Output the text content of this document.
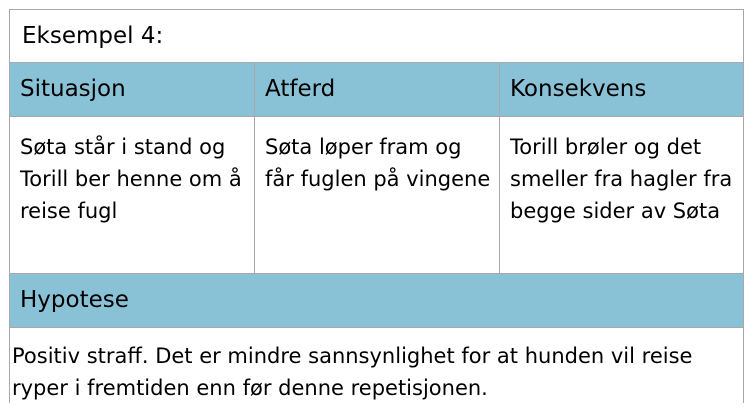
Eksempel 4:
Situasjon	Atferd	Konsekvens
Søta står i stand og Torill ber henne om å reise fugl
Søta løper fram og får fuglen på vingene
Torill brøler og det smeller fra hagler fra begge sider av Søta
Hypotese
Positiv straff. Det er mindre sannsynlighet for at hunden vil reise ryper i fremtiden enn før denne repetisjonen.
